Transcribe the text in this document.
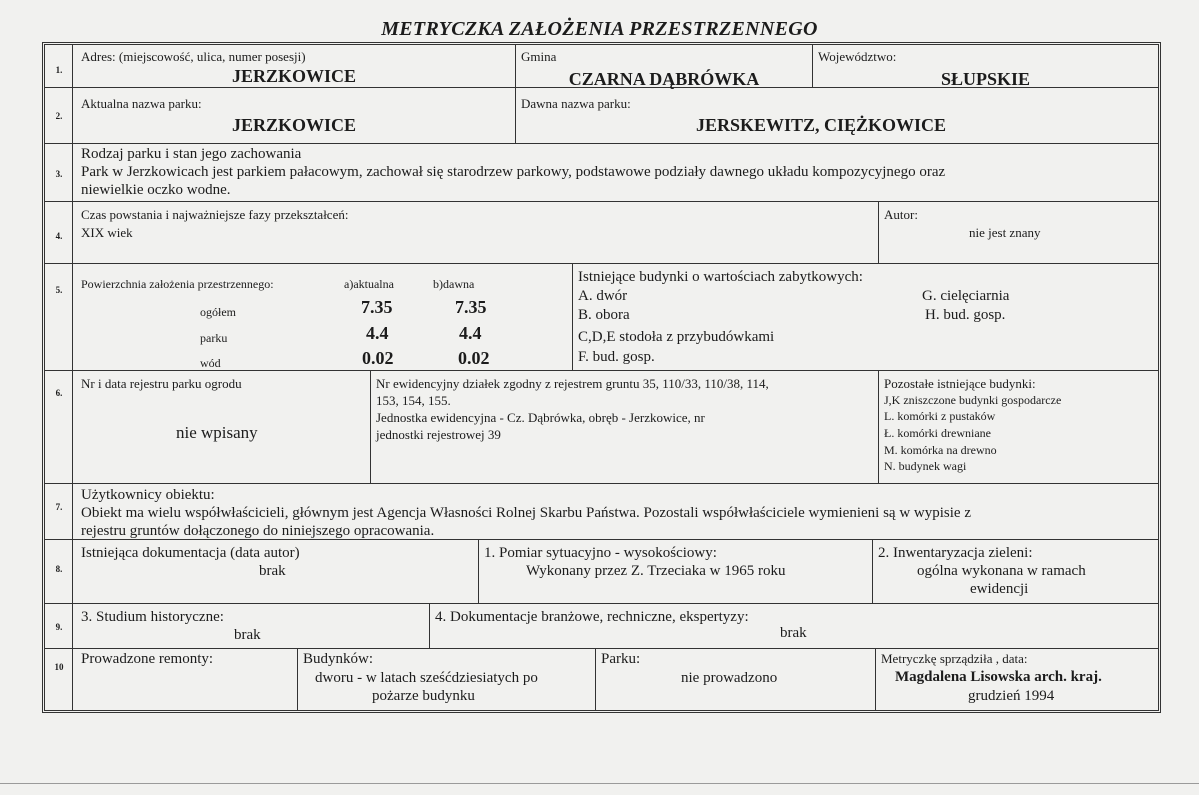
METRYCZKA ZAŁOŻENIA PRZESTRZENNEGO
1.
Adres: (miejscowość, ulica, numer posesji)
JERZKOWICE
Gmina
CZARNA DĄBRÓWKA
Województwo:
SŁUPSKIE
2.
Aktualna nazwa parku:
JERZKOWICE
Dawna nazwa parku:
JERSKEWITZ, CIĘŻKOWICE
3.
Rodzaj parku i stan jego zachowania
Park w Jerzkowicach jest parkiem pałacowym, zachował się starodrzew parkowy, podstawowe podziały dawnego układu kompozycyjnego oraz
niewielkie oczko wodne.
4.
Czas powstania i najważniejsze fazy przekształceń:
XIX wiek
Autor:
nie jest znany
5.	Powierzchnia założenia przestrzennego:	a)aktualna	b)dawna
ogółem	7.35	7.35
parku	4.4	4.4
wód	0.02	0.02
Istniejące budynki o wartościach zabytkowych:
A. dwór
B. obora
C,D,E stodoła z przybudówkami
F. bud. gosp.
G. cielęciarnia
H. bud. gosp.
6.
Nr i data rejestru parku ogrodu
nie wpisany
Nr ewidencyjny działek zgodny z rejestrem gruntu 35, 110/33, 110/38, 114,
153, 154, 155.
Jednostka ewidencyjna - Cz. Dąbrówka, obręb - Jerzkowice, nr
jednostki rejestrowej 39
Pozostałe istniejące budynki:
J,K zniszczone budynki gospodarcze
L. komórki z pustaków
Ł. komórki drewniane
M. komórka na drewno
N. budynek wagi
7.
Użytkownicy obiektu:
Obiekt ma wielu współwłaścicieli, głównym jest Agencja Własności Rolnej Skarbu Państwa. Pozostali współwłaściciele wymienieni są w wypisie z
rejestru gruntów dołączonego do niniejszego opracowania.
8.
Istniejąca dokumentacja (data autor)
brak
1. Pomiar sytuacyjno - wysokościowy:
Wykonany przez Z. Trzeciaka w 1965 roku
2. Inwentaryzacja zieleni:
ogólna wykonana w ramach
ewidencji
9.
3. Studium historyczne:
brak
4. Dokumentacje branżowe, rechniczne, ekspertyzy:
brak
10	Prowadzone remonty:	Budynków:
dworu - w latach sześćdziesiatych po
pożarze budynku
Parku:
nie prowadzono
Metryczkę sprządziła , data:
Magdalena Lisowska arch. kraj.
grudzień 1994
